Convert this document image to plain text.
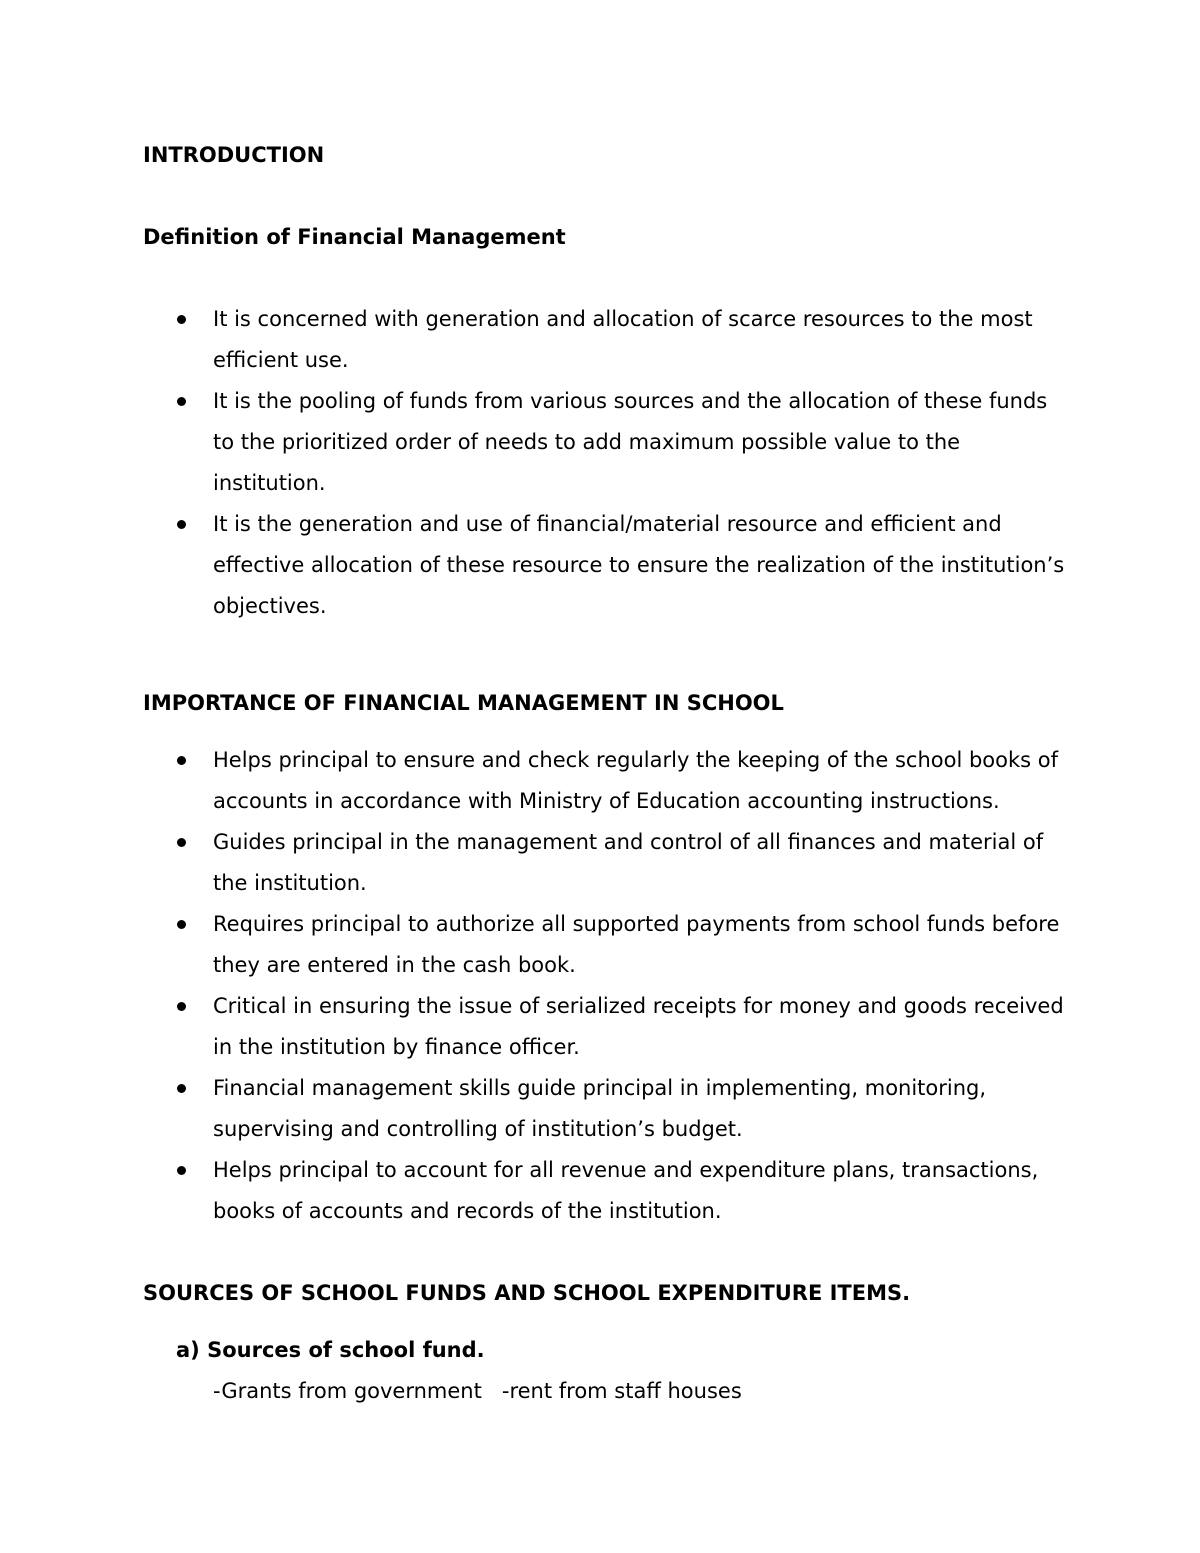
INTRODUCTION
Definition of Financial Management
It is concerned with generation and allocation of scarce resources to the most efficient use.
It is the pooling of funds from various sources and the allocation of these funds to the prioritized order of needs to add maximum possible value to the institution.
It is the generation and use of financial/material resource and efficient and effective allocation of these resource to ensure the realization of the institution’s objectives.
IMPORTANCE OF FINANCIAL MANAGEMENT IN SCHOOL
Helps principal to ensure and check regularly the keeping of the school books of accounts in accordance with Ministry of Education accounting instructions.
Guides principal in the management and control of all finances and material of the institution.
Requires principal to authorize all supported payments from school funds before they are entered in the cash book.
Critical in ensuring the issue of serialized receipts for money and goods received in the institution by finance officer.
Financial management skills guide principal in implementing, monitoring, supervising and controlling of institution’s budget.
Helps principal to account for all revenue and expenditure plans, transactions, books of accounts and records of the institution.
SOURCES OF SCHOOL FUNDS AND SCHOOL EXPENDITURE ITEMS.
a) Sources of school fund.
-Grants from government   -rent from staff houses
